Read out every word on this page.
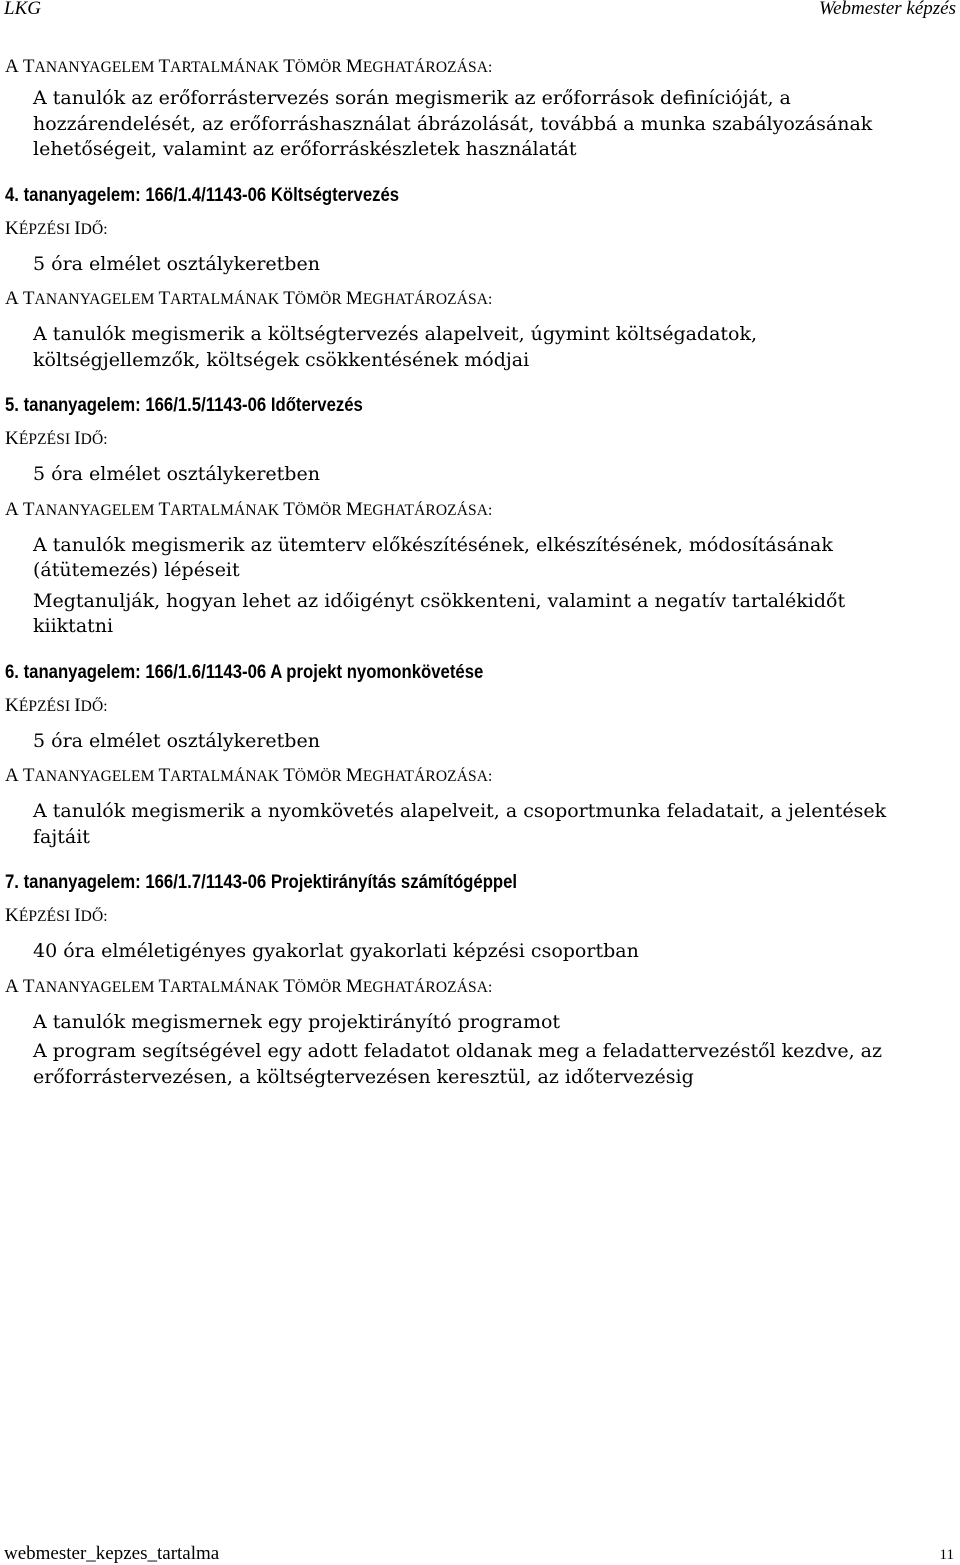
LKG	Webmester képzés

A TANANYAGELEM TARTALMÁNAK TÖMÖR MEGHATÁROZÁSA:

A tanulók az erőforrástervezés során megismerik az erőforrások definícióját, a hozzárendelését, az erőforráshasználat ábrázolását, továbbá a munka szabályozásának lehetőségeit, valamint az erőforráskészletek használatát

4. tananyagelem: 166/1.4/1143-06 Költségtervezés

KÉPZÉSI IDŐ:

5 óra elmélet osztálykeretben

A TANANYAGELEM TARTALMÁNAK TÖMÖR MEGHATÁROZÁSA:

A tanulók megismerik a költségtervezés alapelveit, úgymint költségadatok, költségjellemzők, költségek csökkentésének módjai

5. tananyagelem: 166/1.5/1143-06 Időtervezés

KÉPZÉSI IDŐ:

5 óra elmélet osztálykeretben

A TANANYAGELEM TARTALMÁNAK TÖMÖR MEGHATÁROZÁSA:

A tanulók megismerik az ütemterv előkészítésének, elkészítésének, módosításának (átütemezés) lépéseit

Megtanulják, hogyan lehet az időigényt csökkenteni, valamint a negatív tartalékidőt kiiktatni

6. tananyagelem: 166/1.6/1143-06 A projekt nyomonkövetése

KÉPZÉSI IDŐ:

5 óra elmélet osztálykeretben

A TANANYAGELEM TARTALMÁNAK TÖMÖR MEGHATÁROZÁSA:

A tanulók megismerik a nyomkövetés alapelveit, a csoportmunka feladatait, a jelentések fajtáit

7. tananyagelem: 166/1.7/1143-06 Projektirányítás számítógéppel

KÉPZÉSI IDŐ:

40 óra elméletigényes gyakorlat gyakorlati képzési csoportban

A TANANYAGELEM TARTALMÁNAK TÖMÖR MEGHATÁROZÁSA:

A tanulók megismernek egy projektirányító programot

A program segítségével egy adott feladatot oldanak meg a feladattervezéstől kezdve, az erőforrástervezésen, a költségtervezésen keresztül, az időtervezésig

webmester_kepzes_tartalma	11
